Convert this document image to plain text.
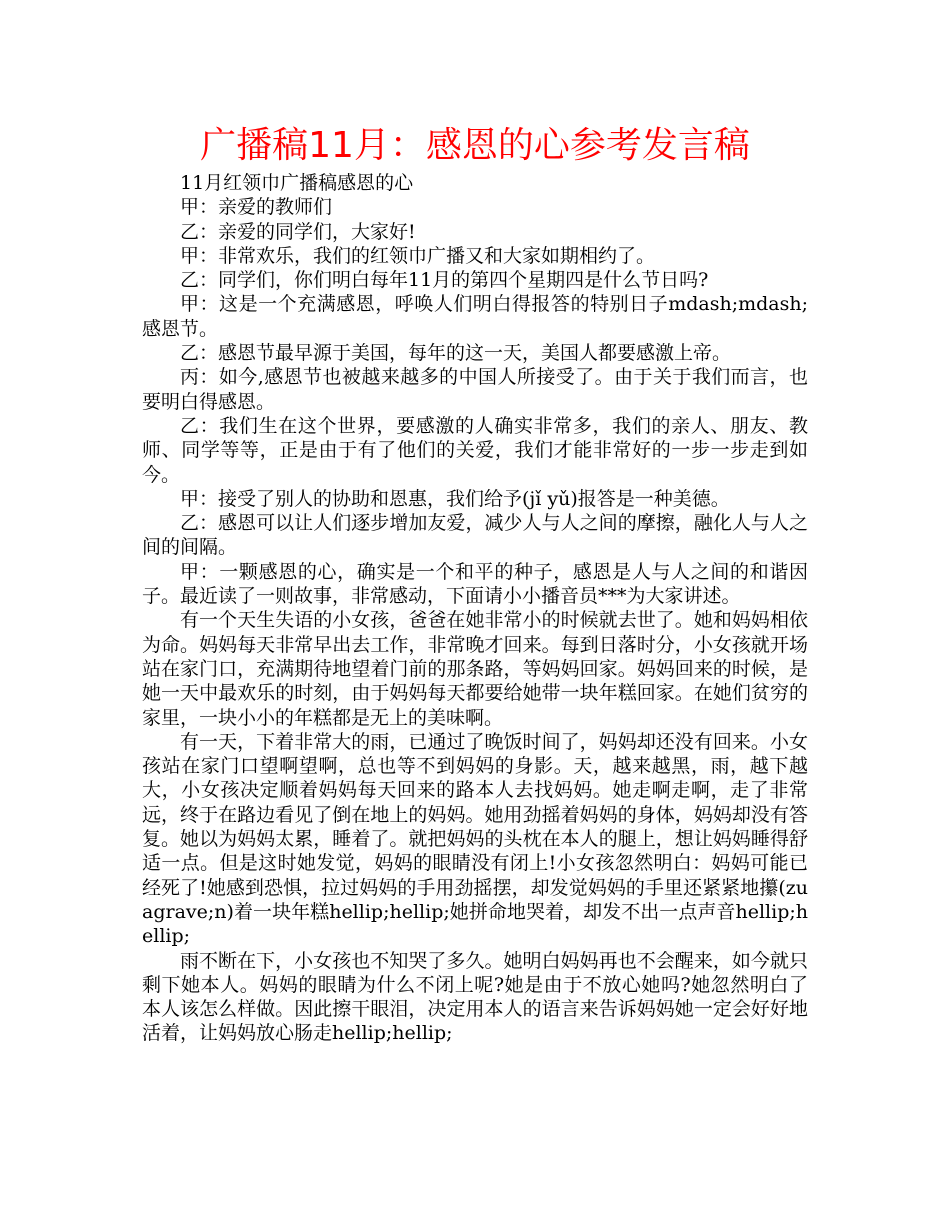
广播稿11月：感恩的心参考发言稿

11月红领巾广播稿感恩的心

甲：亲爱的教师们

乙：亲爱的同学们，大家好!

甲：非常欢乐，我们的红领巾广播又和大家如期相约了。

乙：同学们，你们明白每年11月的第四个星期四是什么节日吗?

甲：这是一个充满感恩，呼唤人们明白得报答的特别日子mdash;mdash;感恩节。

乙：感恩节最早源于美国，每年的这一天，美国人都要感激上帝。

丙：如今,感恩节也被越来越多的中国人所接受了。由于关于我们而言，也要明白得感恩。

乙：我们生在这个世界，要感激的人确实非常多，我们的亲人、朋友、教师、同学等等，正是由于有了他们的关爱，我们才能非常好的一步一步走到如今。

甲：接受了别人的协助和恩惠，我们给予(jǐ yǔ)报答是一种美德。

乙：感恩可以让人们逐步增加友爱，减少人与人之间的摩擦，融化人与人之间的间隔。

甲：一颗感恩的心，确实是一个和平的种子，感恩是人与人之间的和谐因子。最近读了一则故事，非常感动，下面请小小播音员***为大家讲述。

有一个天生失语的小女孩，爸爸在她非常小的时候就去世了。她和妈妈相依为命。妈妈每天非常早出去工作，非常晚才回来。每到日落时分，小女孩就开场站在家门口，充满期待地望着门前的那条路，等妈妈回家。妈妈回来的时候，是她一天中最欢乐的时刻，由于妈妈每天都要给她带一块年糕回家。在她们贫穷的家里，一块小小的年糕都是无上的美味啊。

有一天，下着非常大的雨，已通过了晚饭时间了，妈妈却还没有回来。小女孩站在家门口望啊望啊，总也等不到妈妈的身影。天，越来越黑，雨，越下越大，小女孩决定顺着妈妈每天回来的路本人去找妈妈。她走啊走啊，走了非常远，终于在路边看见了倒在地上的妈妈。她用劲摇着妈妈的身体，妈妈却没有答复。她以为妈妈太累，睡着了。就把妈妈的头枕在本人的腿上，想让妈妈睡得舒适一点。但是这时她发觉，妈妈的眼睛没有闭上!小女孩忽然明白：妈妈可能已经死了!她感到恐惧，拉过妈妈的手用劲摇摆，却发觉妈妈的手里还紧紧地攥(zuagrave;n)着一块年糕hellip;hellip;她拼命地哭着，却发不出一点声音hellip;hellip;

雨不断在下，小女孩也不知哭了多久。她明白妈妈再也不会醒来，如今就只剩下她本人。妈妈的眼睛为什么不闭上呢?她是由于不放心她吗?她忽然明白了本人该怎么样做。因此擦干眼泪，决定用本人的语言来告诉妈妈她一定会好好地活着，让妈妈放心肠走hellip;hellip;
